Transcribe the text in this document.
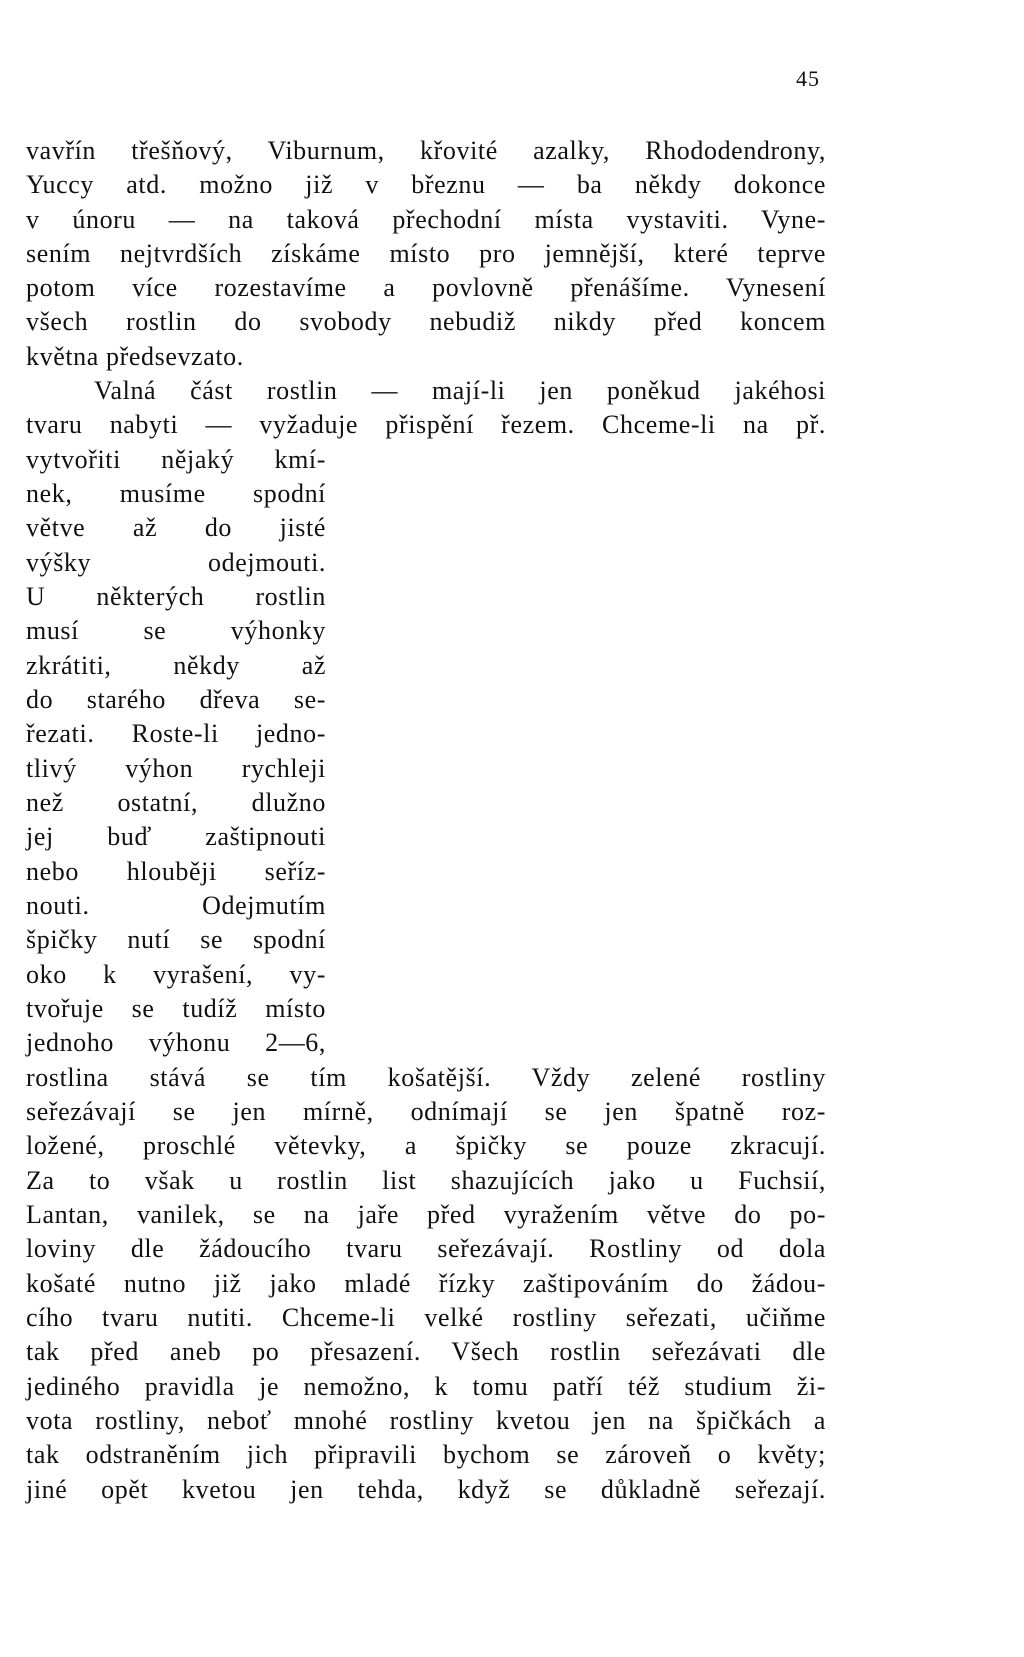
45
vavřín třešňový, Viburnum, křovité azalky, Rhododendrony,
Yuccy atd. možno již v březnu — ba někdy dokonce
v únoru — na taková přechodní místa vystaviti. Vyne-
sením nejtvrdších získáme místo pro jemnější, které teprve
potom více rozestavíme a povlovně přenášíme. Vynesení
všech rostlin do svobody nebudiž nikdy před koncem
května předsevzato.
Valná část rostlin — mají-li jen poněkud jakéhosi
tvaru nabyti — vyžaduje přispění řezem. Chceme-li na př.
vytvořiti nějaký kmí-
nek, musíme spodní
větve až do jisté
výšky odejmouti.
U některých rostlin
musí se výhonky
zkrátiti, někdy až
do starého dřeva se-
řezati. Roste-li jedno-
tlivý výhon rychleji
než ostatní, dlužno
jej buď zaštipnouti
nebo hlouběji seříz-
nouti. Odejmutím
špičky nutí se spodní
oko k vyrašení, vy-
tvořuje se tudíž místo
jednoho výhonu 2—6,
rostlina stává se tím košatější. Vždy zelené rostliny
seřezávají se jen mírně, odnímají se jen špatně roz-
ložené, proschlé větevky, a špičky se pouze zkracují.
Za to však u rostlin list shazujících jako u Fuchsií,
Lantan, vanilek, se na jaře před vyražením větve do po-
loviny dle žádoucího tvaru seřezávají. Rostliny od dola
košaté nutno již jako mladé řízky zaštipováním do žádou-
cího tvaru nutiti. Chceme-li velké rostliny seřezati, učiňme
tak před aneb po přesazení. Všech rostlin seřezávati dle
jediného pravidla je nemožno, k tomu patří též studium ži-
vota rostliny, neboť mnohé rostliny kvetou jen na špičkách a
tak odstraněním jich připravili bychom se zároveň o květy;
jiné opět kvetou jen tehda, když se důkladně seřezají.
